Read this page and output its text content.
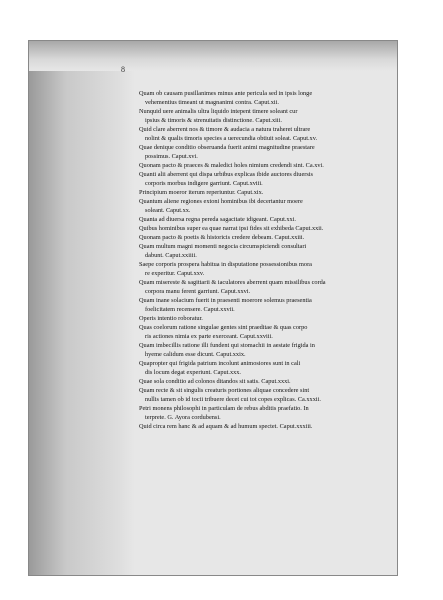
8
Quam ob causam pusillanimes minus ante pericula sed in ipsis longe
vehementius timeant ut magnanimi contra. Caput.xii.
Nunquid uere animalis ultra liquido intepent timere soleant cur
ipsius & timoris & strenuitatis distinctione. Caput.xiii.
Quid clare aberrent nos & timore & audacia a natura traheret ultrare
nolint & qualis timoris species a uerecundia obtiuit soleat. Caput.xv.
Quae denique conditio obseruanda fuerit animi magnitudine praestare
possimus. Caput.xvi.
Quonam pacto & praeces & maledici holes nimium credendi sint. Ca.xvi.
Quanti alii aberrent qui dispa urbibus explicas ibide auctores diuersis
corporis morbus indigere garriunt. Caput.xviii.
Principium moeror iterum reperiuntur. Caput.xix.
Quantum aliene regiones extoni hominibus ibi decertantur moere
soleant. Caput.xx.
Quanta ad diuersa regna pereda sagacitate idigeant. Caput.xxi.
Quibus hominibus super ea quae narrat ipsi fides sit exhibeda Caput.xxii.
Quonam pacto & poetis & historicis credere debeam. Caput.xxiii.
Quam multum magni momenti negocia circumspiciendi consultari
dabunt. Caput.xxiiii.
Saepe corporis prospera habitua in disputatione possessionibus mora
re experitur. Caput.xxv.
Quam misereste & sagittarii & iaculatores aberrent quam missilibus corda
corpora manu ferent garriunt. Caput.xxvi.
Quam inane solacium fuerit in praesenti moerore solemus praesentia
foelicitatem recensere. Caput.xxvii.
Operis intentio roboratur.
Quas coelorum ratione singulae gentes sint praeditae & quas corpo
ris actiones nimia ex parte exerceant. Caput.xxviii.
Quam imbecillis ratione illi fundent qui stomachii in aestate frigida in
hyeme calidum esse dicunt. Caput.xxix.
Quapropter qui frigida patrium incolunt animosiores sunt in cali
dis locum degat experiunt. Caput.xxx.
Quae sola conditio ad colonos ditandos sit satis. Caput.xxxi.
Quam recte & sit singulis creaturis portiones aliquae concedere sint
nullis tamen ob id tocii tribuere decet cui tot copes explicas. Ca.xxxii.
Petri monens philosophi in particulam de rebus abditis praefatio. In
terprete. G. Ayora cordubensi.
Quid circa rem hanc & ad aquam & ad humum spectet. Caput.xxxiii.
